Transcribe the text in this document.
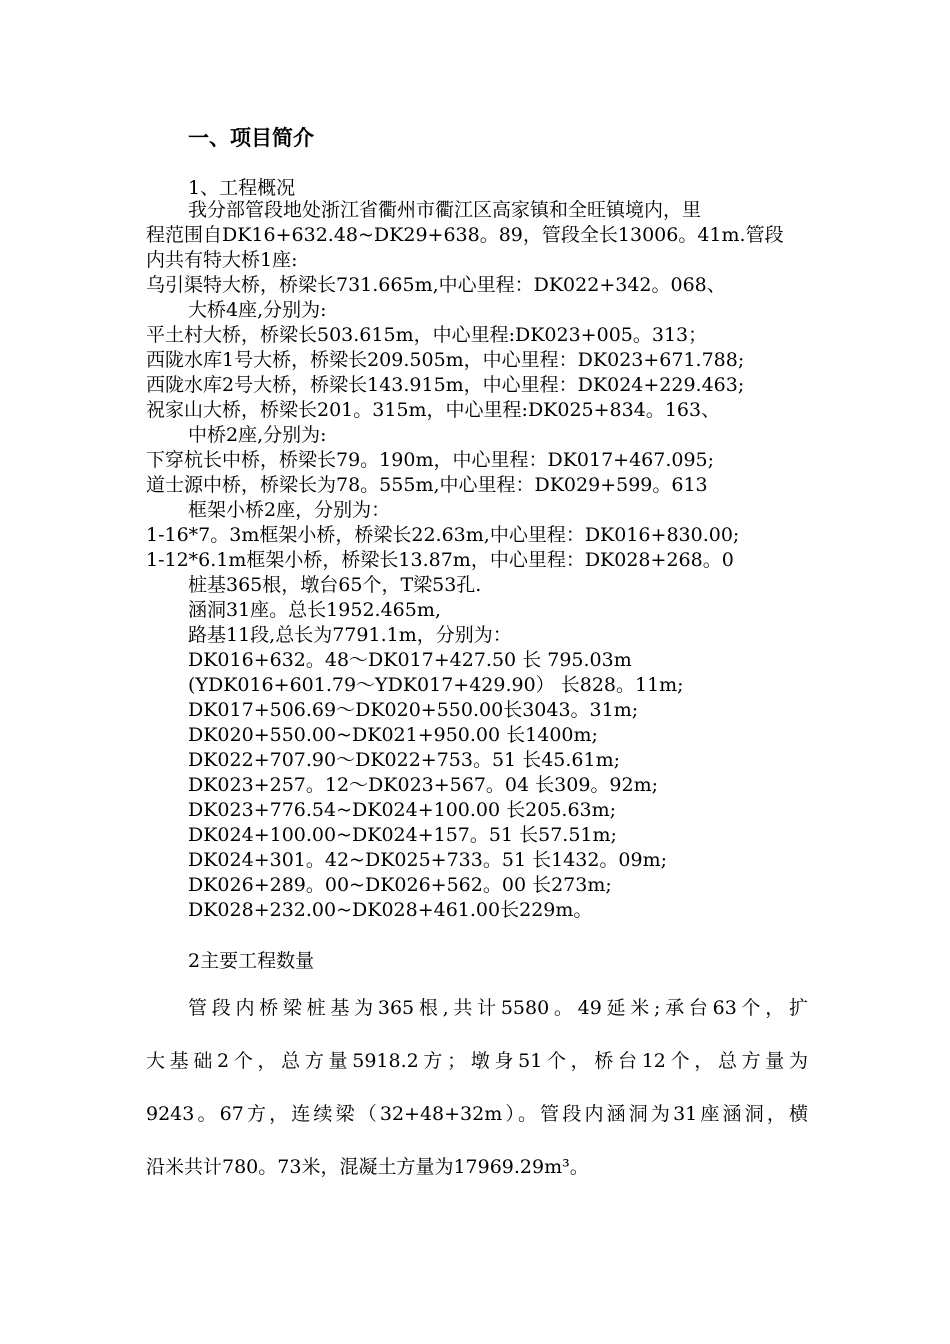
一、项目简介
1、工程概况
我分部管段地处浙江省衢州市衢江区高家镇和全旺镇境内，里
程范围自DK16+632.48~DK29+638。89，管段全长13006。41m.管段
内共有特大桥1座:
乌引渠特大桥，桥梁长731.665m,中心里程：DK022+342。068、
大桥4座,分别为:
平土村大桥，桥梁长503.615m，中心里程:DK023+005。313；
西陇水库1号大桥，桥梁长209.505m，中心里程：DK023+671.788;
西陇水库2号大桥，桥梁长143.915m，中心里程：DK024+229.463;
祝家山大桥，桥梁长201。315m，中心里程:DK025+834。163、
中桥2座,分别为:
下穿杭长中桥，桥梁长79。190m，中心里程：DK017+467.095;
道士源中桥，桥梁长为78。555m,中心里程：DK029+599。613
框架小桥2座，分别为：
1-16*7。3m框架小桥，桥梁长22.63m,中心里程：DK016+830.00;
1-12*6.1m框架小桥，桥梁长13.87m，中心里程：DK028+268。0
桩基365根，墩台65个，T梁53孔.
涵洞31座。总长1952.465m,
路基11段,总长为7791.1m，分别为：
DK016+632。48～DK017+427.50 长 795.03m
(YDK016+601.79～YDK017+429.90） 长828。11m;
DK017+506.69～DK020+550.00长3043。31m;
DK020+550.00~DK021+950.00 长1400m;
DK022+707.90～DK022+753。51 长45.61m;
DK023+257。12～DK023+567。04 长309。92m;
DK023+776.54~DK024+100.00 长205.63m;
DK024+100.00~DK024+157。51 长57.51m;
DK024+301。42~DK025+733。51 长1432。09m;
DK026+289。00~DK026+562。00 长273m;
DK028+232.00~DK028+461.00长229m。
2主要工程数量
管段内桥梁桩基为365根,共计5580。49延米;承台63个，扩
大基础2个，总方量5918.2方；墩身51个，桥台12个，总方量为
9243。67方，连续梁（32+48+32m）。管段内涵洞为31座涵洞，横
沿米共计780。73米，混凝土方量为17969.29m³。
